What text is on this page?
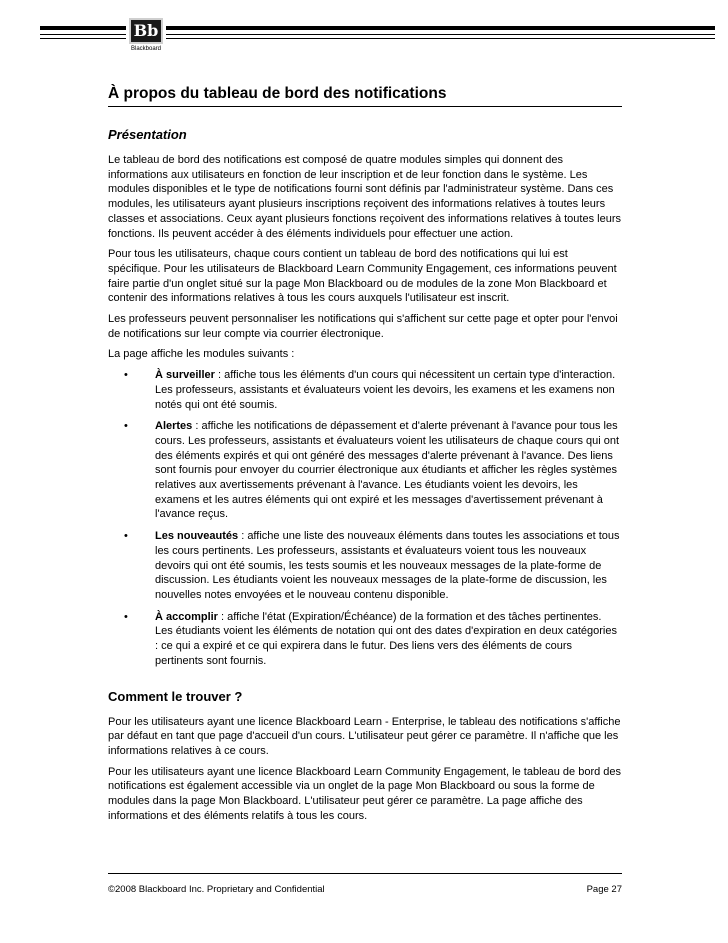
Bb
Blackboard
À propos du tableau de bord des notifications
Présentation

Le tableau de bord des notifications est composé de quatre modules simples qui donnent des informations aux utilisateurs en fonction de leur inscription et de leur fonction dans le système. Les modules disponibles et le type de notifications fourni sont définis par l'administrateur système. Dans ces modules, les utilisateurs ayant plusieurs inscriptions reçoivent des informations relatives à toutes leurs classes et associations. Ceux ayant plusieurs fonctions reçoivent des informations relatives à toutes leurs fonctions. Ils peuvent accéder à des éléments individuels pour effectuer une action.

Pour tous les utilisateurs, chaque cours contient un tableau de bord des notifications qui lui est spécifique. Pour les utilisateurs de Blackboard Learn Community Engagement, ces informations peuvent faire partie d'un onglet situé sur la page Mon Blackboard ou de modules de la zone Mon Blackboard et contenir des informations relatives à tous les cours auxquels l'utilisateur est inscrit.

Les professeurs peuvent personnaliser les notifications qui s'affichent sur cette page et opter pour l'envoi de notifications sur leur compte via courrier électronique.

La page affiche les modules suivants :

• À surveiller : affiche tous les éléments d'un cours qui nécessitent un certain type d'interaction. Les professeurs, assistants et évaluateurs voient les devoirs, les examens et les examens non notés qui ont été soumis.
• Alertes : affiche les notifications de dépassement et d'alerte prévenant à l'avance pour tous les cours. Les professeurs, assistants et évaluateurs voient les utilisateurs de chaque cours qui ont des éléments expirés et qui ont généré des messages d'alerte prévenant à l'avance. Des liens sont fournis pour envoyer du courrier électronique aux étudiants et afficher les règles systèmes relatives aux avertissements prévenant à l'avance. Les étudiants voient les devoirs, les examens et les autres éléments qui ont expiré et les messages d'avertissement prévenant à l'avance reçus.
• Les nouveautés : affiche une liste des nouveaux éléments dans toutes les associations et tous les cours pertinents. Les professeurs, assistants et évaluateurs voient tous les nouveaux devoirs qui ont été soumis, les tests soumis et les nouveaux messages de la plate-forme de discussion. Les étudiants voient les nouveaux messages de la plate-forme de discussion, les nouvelles notes envoyées et le nouveau contenu disponible.
• À accomplir : affiche l'état (Expiration/Échéance) de la formation et des tâches pertinentes. Les étudiants voient les éléments de notation qui ont des dates d'expiration en deux catégories : ce qui a expiré et ce qui expirera dans le futur. Des liens vers des éléments de cours pertinents sont fournis.
Comment le trouver ?

Pour les utilisateurs ayant une licence Blackboard Learn - Enterprise, le tableau des notifications s'affiche par défaut en tant que page d'accueil d'un cours. L'utilisateur peut gérer ce paramètre. Il n'affiche que les informations relatives à ce cours.

Pour les utilisateurs ayant une licence Blackboard Learn Community Engagement, le tableau de bord des notifications est également accessible via un onglet de la page Mon Blackboard ou sous la forme de modules dans la page Mon Blackboard. L'utilisateur peut gérer ce paramètre. La page affiche des informations et des éléments relatifs à tous les cours.

©2008 Blackboard Inc. Proprietary and Confidential	Page 27
